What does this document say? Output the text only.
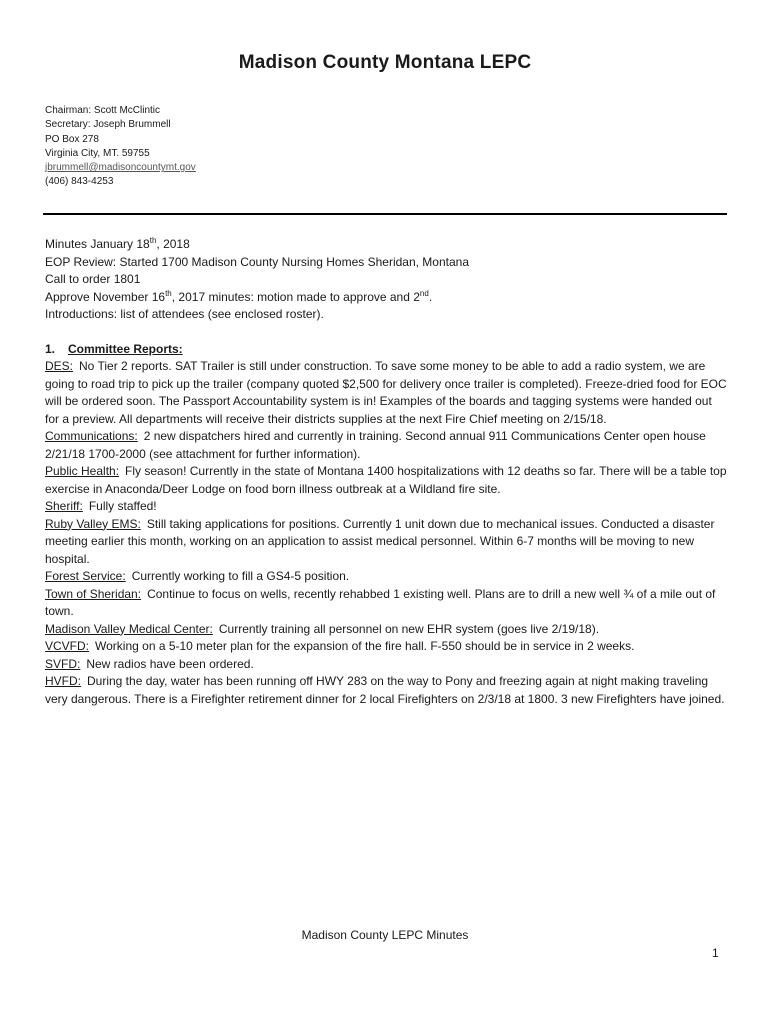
Madison County Montana LEPC
Chairman: Scott McClintic
Secretary: Joseph Brummell
PO Box 278
Virginia City, MT. 59755
jbrummell@madisoncountymt.gov
(406) 843-4253
Minutes January 18th, 2018
EOP Review: Started 1700 Madison County Nursing Homes Sheridan, Montana
Call to order 1801
Approve November 16th, 2017 minutes: motion made to approve and 2nd.
Introductions: list of attendees (see enclosed roster).
1. Committee Reports:

DES: No Tier 2 reports. SAT Trailer is still under construction. To save some money to be able to add a radio system, we are going to road trip to pick up the trailer (company quoted $2,500 for delivery once trailer is completed). Freeze-dried food for EOC will be ordered soon. The Passport Accountability system is in! Examples of the boards and tagging systems were handed out for a preview. All departments will receive their districts supplies at the next Fire Chief meeting on 2/15/18.

Communications: 2 new dispatchers hired and currently in training. Second annual 911 Communications Center open house 2/21/18 1700-2000 (see attachment for further information).

Public Health: Fly season! Currently in the state of Montana 1400 hospitalizations with 12 deaths so far. There will be a table top exercise in Anaconda/Deer Lodge on food born illness outbreak at a Wildland fire site.

Sheriff: Fully staffed!

Ruby Valley EMS: Still taking applications for positions. Currently 1 unit down due to mechanical issues. Conducted a disaster meeting earlier this month, working on an application to assist medical personnel. Within 6-7 months will be moving to new hospital.

Forest Service: Currently working to fill a GS4-5 position.

Town of Sheridan: Continue to focus on wells, recently rehabbed 1 existing well. Plans are to drill a new well ¾ of a mile out of town.

Madison Valley Medical Center: Currently training all personnel on new EHR system (goes live 2/19/18).

VCVFD: Working on a 5-10 meter plan for the expansion of the fire hall. F-550 should be in service in 2 weeks.

SVFD: New radios have been ordered.

HVFD: During the day, water has been running off HWY 283 on the way to Pony and freezing again at night making traveling very dangerous. There is a Firefighter retirement dinner for 2 local Firefighters on 2/3/18 at 1800. 3 new Firefighters have joined.

Madison County LEPC Minutes
1
